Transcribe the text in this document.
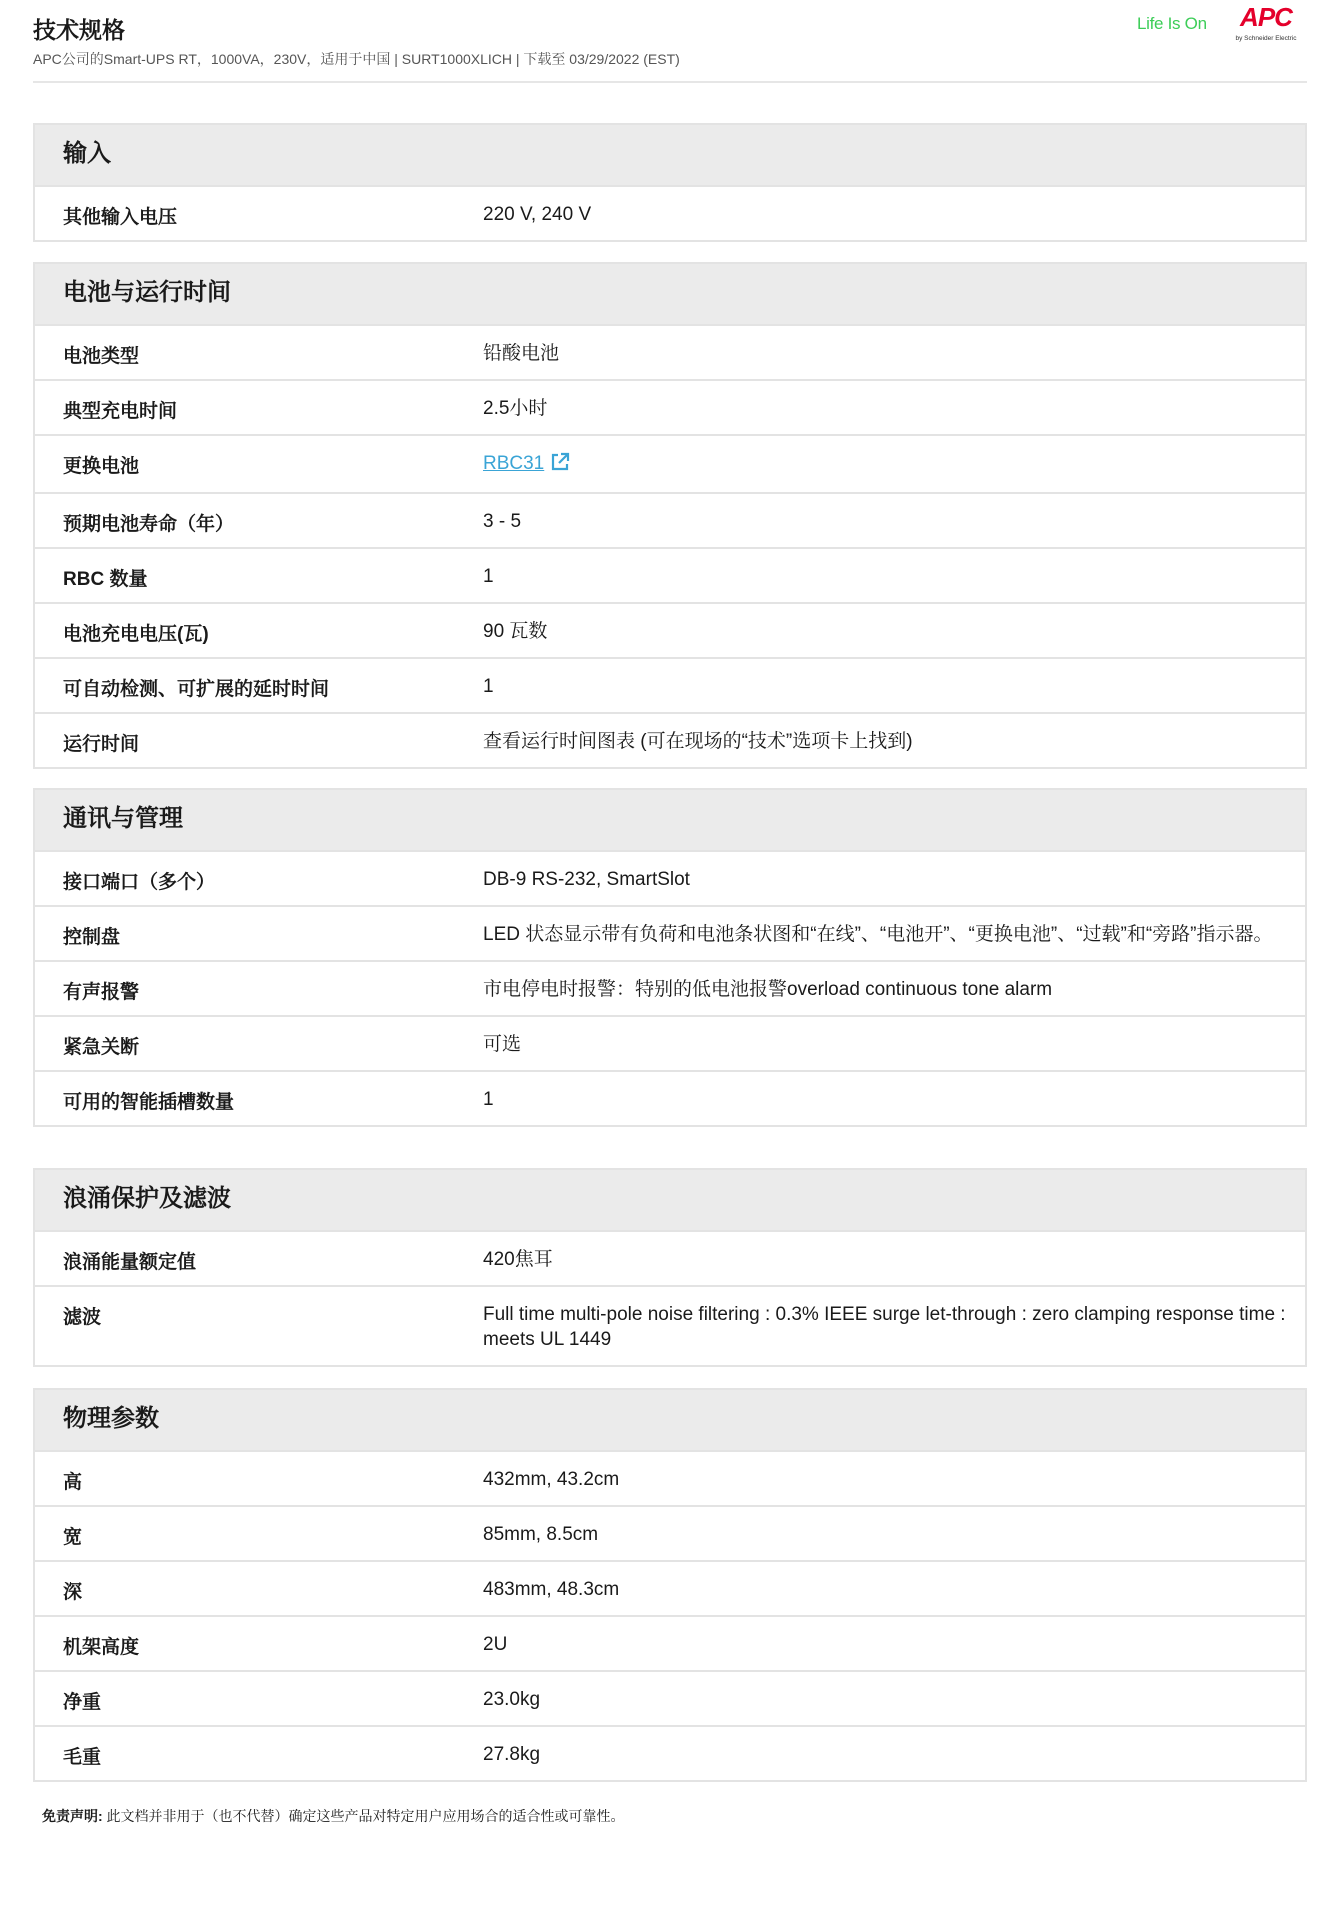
技术规格
APC公司的Smart-UPS RT，1000VA，230V，适用于中国 | SURT1000XLICH | 下载至 03/29/2022 (EST)
Life Is On	APC
by Schneider Electric
输入
其他输入电压	220 V, 240 V
电池与运行时间
电池类型	铅酸电池
典型充电时间	2.5小时
更换电池	RBC31
预期电池寿命（年）	3 - 5
RBC 数量	1
电池充电电压(瓦)	90 瓦数
可自动检测、可扩展的延时时间	1
运行时间	查看运行时间图表 (可在现场的“技术”选项卡上找到)
通讯与管理
接口端口（多个）	DB-9 RS-232, SmartSlot
控制盘	LED 状态显示带有负荷和电池条状图和“在线”、“电池开”、“更换电池”、“过载”和“旁路”指示器。
有声报警	市电停电时报警：特别的低电池报警overload continuous tone alarm
紧急关断	可选
可用的智能插槽数量	1
浪涌保护及滤波
浪涌能量额定值	420焦耳
滤波	Full time multi-pole noise filtering : 0.3% IEEE surge let-through : zero clamping response time : meets UL 1449
物理参数
高	432mm, 43.2cm
宽	85mm, 8.5cm
深	483mm, 48.3cm
机架高度	2U
净重	23.0kg
毛重	27.8kg
免责声明: 此文档并非用于（也不代替）确定这些产品对特定用户应用场合的适合性或可靠性。
